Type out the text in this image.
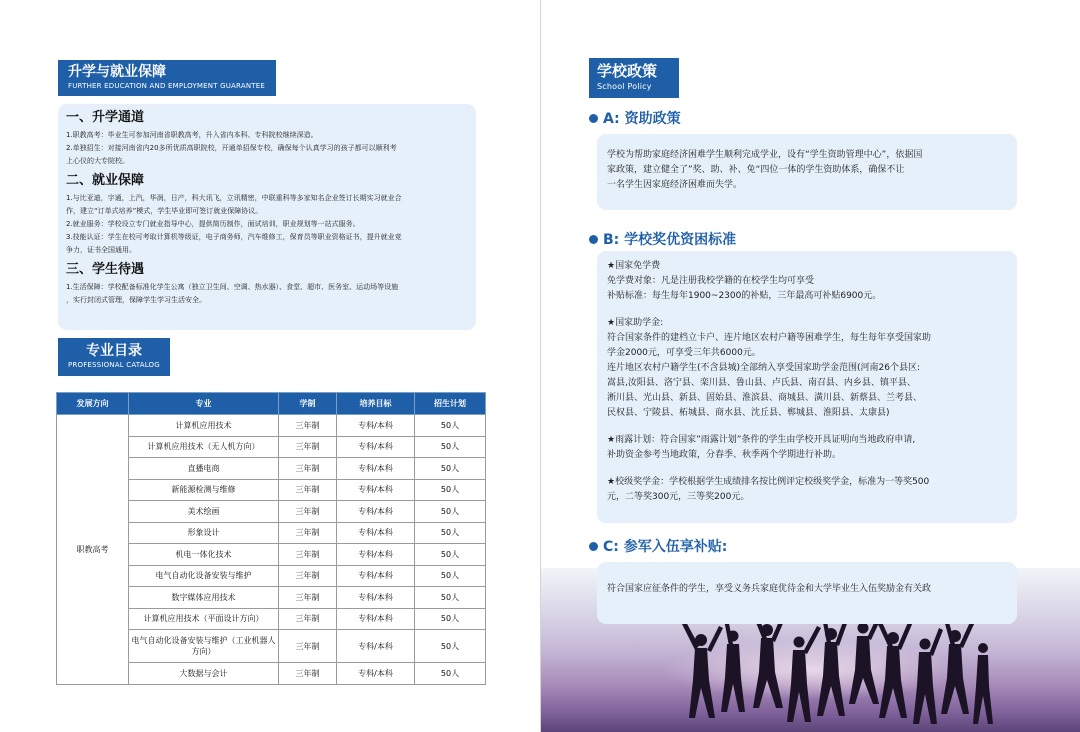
升学与就业保障
FURTHER EDUCATION AND EMPLOYMENT GUARANTEE
一、升学通道
1.职教高考：毕业生可参加河南省职教高考，升入省内本科、专科院校继续深造。
2.单独招生：对接河南省内20多所优质高职院校，开通单招保专校，确保每个认真学习的孩子都可以顺利考
上心仪的大专院校。
二、就业保障
1.与比亚迪，宇通，上汽，华润，日产，科大讯飞，立讯精密，中联重科等多家知名企业签订长期实习就业合
作，建立“订单式培养”模式，学生毕业即可签订就业保障协议。
2.就业服务：学校设立专门就业指导中心，提供简历制作，面试培训，职业规划等一站式服务。
3.技能认证：学生在校可考取计算机等级证，电子商务师，汽车维修工，保育员等职业资格证书，提升就业竞
争力，证书全国通用。
三、学生待遇
1.生活保障：学校配备标准化学生公寓（独立卫生间、空调、热水器）、食堂、超市、医务室、运动场等设施
，实行封闭式管理，保障学生学习生活安全。
专业目录
PROFESSIONAL CATALOG
发展方向	专业	学制	培养目标	招生计划
职教高考	计算机应用技术	三年制	专科/本科	50人
	计算机应用技术（无人机方向）	三年制	专科/本科	50人
	直播电商	三年制	专科/本科	50人
	新能源检测与维修	三年制	专科/本科	50人
	美术绘画	三年制	专科/本科	50人
	形象设计	三年制	专科/本科	50人
	机电一体化技术	三年制	专科/本科	50人
	电气自动化设备安装与维护	三年制	专科/本科	50人
	数字媒体应用技术	三年制	专科/本科	50人
	计算机应用技术（平面设计方向）	三年制	专科/本科	50人
	电气自动化设备安装与维护（工业机器人方向）	三年制	专科/本科	50人
	大数据与会计	三年制	专科/本科	50人
学校政策
School Policy
A: 资助政策
学校为帮助家庭经济困难学生顺利完成学业，设有“学生资助管理中心”，依据国
家政策，建立健全了”奖、助、补、免“四位一体的学生资助体系，确保不让
一名学生因家庭经济困难而失学。
B: 学校奖优资困标准
★国家免学费
免学费对象：凡是注册我校学籍的在校学生均可享受
补贴标准：每生每年1900~2300的补贴，三年最高可补贴6900元。
★国家助学金:
符合国家条件的建档立卡户、连片地区农村户籍等困难学生，每生每年享受国家助
学金2000元，可享受三年共6000元。
连片地区农村户籍学生(不含县城)全部纳入享受国家助学金范围(河南26个县区:
嵩县,汝阳县、洛宁县、栾川县、鲁山县、卢氏县、南召县、内乡县、镇平县、
淅川县、光山县、新县、固始县、淮滨县、商城县、潢川县、新蔡县、兰考县、
民权县、宁陵县、柘城县、商水县、沈丘县、郸城县、淮阳县、太康县)
★雨露计划：符合国家”雨露计划”条件的学生由学校开具证明向当地政府申请,
补助资金参考当地政策，分春季、秋季两个学期进行补助。
★校级奖学金：学校根据学生成绩排名按比例评定校级奖学金，标准为一等奖500
元，二等奖300元，三等奖200元。
C: 参军入伍享补贴:
符合国家应征条件的学生，享受义务兵家庭优待金和大学毕业生入伍奖励金有关政
